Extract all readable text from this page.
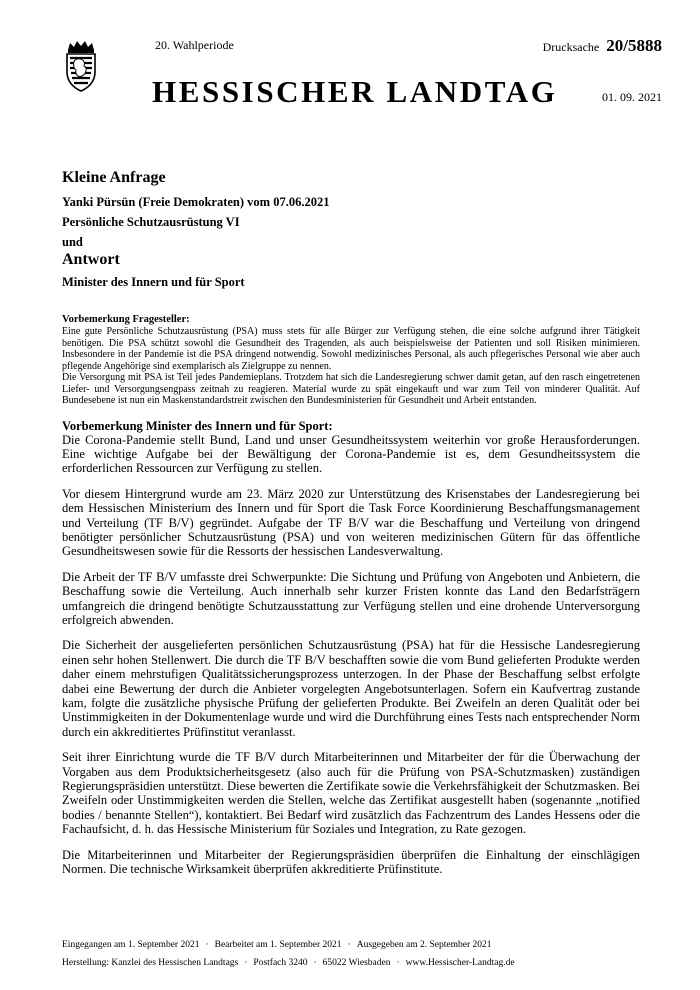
20. Wahlperiode	Drucksache 20/5888
HESSISCHER LANDTAG	01. 09. 2021
Kleine Anfrage
Yanki Pürsün (Freie Demokraten) vom 07.06.2021
Persönliche Schutzausrüstung VI
und
Antwort
Minister des Innern und für Sport
Vorbemerkung Fragesteller:

Eine gute Persönliche Schutzausrüstung (PSA) muss stets für alle Bürger zur Verfügung stehen, die eine solche aufgrund ihrer Tätigkeit benötigen. Die PSA schützt sowohl die Gesundheit des Tragenden, als auch beispielsweise der Patienten und soll Risiken minimieren. Insbesondere in der Pandemie ist die PSA dringend notwendig. Sowohl medizinisches Personal, als auch pflegerisches Personal wie aber auch pflegende Angehörige sind exemplarisch als Zielgruppe zu nennen.

Die Versorgung mit PSA ist Teil jedes Pandemieplans. Trotzdem hat sich die Landesregierung schwer damit getan, auf den rasch eingetretenen Liefer- und Versorgungsengpass zeitnah zu reagieren. Material wurde zu spät eingekauft und war zum Teil von minderer Qualität. Auf Bundesebene ist nun ein Maskenstandardstreit zwischen den Bundesministerien für Gesundheit und Arbeit entstanden.

Vorbemerkung Minister des Innern und für Sport:

Die Corona-Pandemie stellt Bund, Land und unser Gesundheitssystem weiterhin vor große Herausforderungen. Eine wichtige Aufgabe bei der Bewältigung der Corona-Pandemie ist es, dem Gesundheitssystem die erforderlichen Ressourcen zur Verfügung zu stellen.

Vor diesem Hintergrund wurde am 23. März 2020 zur Unterstützung des Krisenstabes der Landesregierung bei dem Hessischen Ministerium des Innern und für Sport die Task Force Koordinierung Beschaffungsmanagement und Verteilung (TF B/V) gegründet. Aufgabe der TF B/V war die Beschaffung und Verteilung von dringend benötigter persönlicher Schutzausrüstung (PSA) und von weiteren medizinischen Gütern für das öffentliche Gesundheitswesen sowie für die Ressorts der hessischen Landesverwaltung.

Die Arbeit der TF B/V umfasste drei Schwerpunkte: Die Sichtung und Prüfung von Angeboten und Anbietern, die Beschaffung sowie die Verteilung. Auch innerhalb sehr kurzer Fristen konnte das Land den Bedarfsträgern umfangreich die dringend benötigte Schutzausstattung zur Verfügung stellen und eine drohende Unterversorgung erfolgreich abwenden.

Die Sicherheit der ausgelieferten persönlichen Schutzausrüstung (PSA) hat für die Hessische Landesregierung einen sehr hohen Stellenwert. Die durch die TF B/V beschafften sowie die vom Bund gelieferten Produkte werden daher einem mehrstufigen Qualitätssicherungsprozess unterzogen. In der Phase der Beschaffung selbst erfolgte dabei eine Bewertung der durch die Anbieter vorgelegten Angebotsunterlagen. Sofern ein Kaufvertrag zustande kam, folgte die zusätzliche physische Prüfung der gelieferten Produkte. Bei Zweifeln an deren Qualität oder bei Unstimmigkeiten in der Dokumentenlage wurde und wird die Durchführung eines Tests nach entsprechender Norm durch ein akkreditiertes Prüfinstitut veranlasst.

Seit ihrer Einrichtung wurde die TF B/V durch Mitarbeiterinnen und Mitarbeiter der für die Überwachung der Vorgaben aus dem Produktsicherheitsgesetz (also auch für die Prüfung von PSA-Schutzmasken) zuständigen Regierungspräsidien unterstützt. Diese bewerten die Zertifikate sowie die Verkehrsfähigkeit der Schutzmasken. Bei Zweifeln oder Unstimmigkeiten werden die Stellen, welche das Zertifikat ausgestellt haben (sogenannte „notified bodies / benannte Stellen“), kontaktiert. Bei Bedarf wird zusätzlich das Fachzentrum des Landes Hessens oder die Fachaufsicht, d. h. das Hessische Ministerium für Soziales und Integration, zu Rate gezogen.

Die Mitarbeiterinnen und Mitarbeiter der Regierungspräsidien überprüfen die Einhaltung der einschlägigen Normen. Die technische Wirksamkeit überprüfen akkreditierte Prüfinstitute.

Eingegangen am 1. September 2021 · Bearbeitet am 1. September 2021 · Ausgegeben am 2. September 2021
Herstellung: Kanzlei des Hessischen Landtags · Postfach 3240 · 65022 Wiesbaden · www.Hessischer-Landtag.de
